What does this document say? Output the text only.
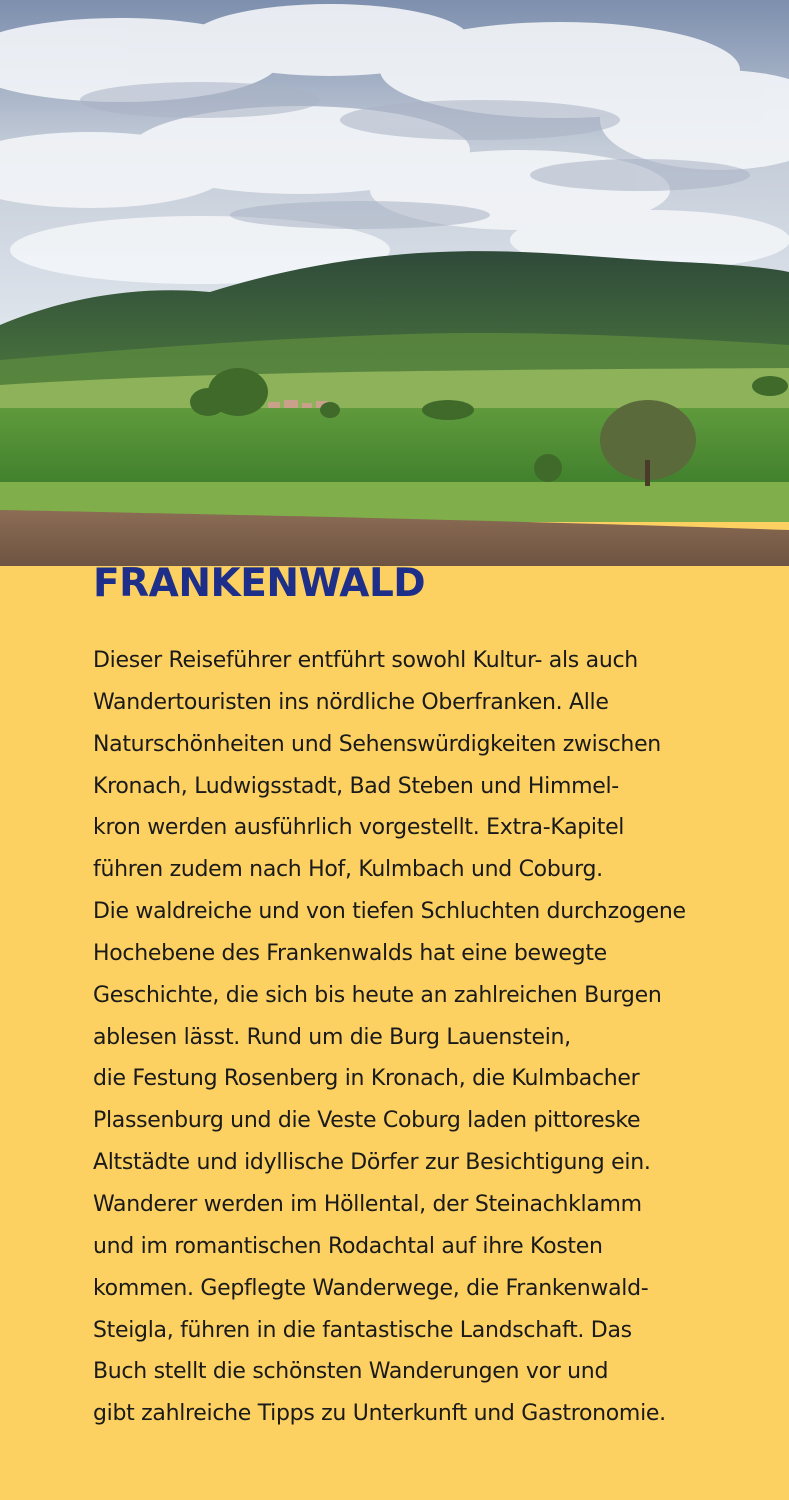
FRANKENWALD

Dieser Reiseführer entführt sowohl Kultur- als auch
Wandertouristen ins nördliche Oberfranken. Alle
Naturschönheiten und Sehenswürdigkeiten zwischen
Kronach, Ludwigsstadt, Bad Steben und Himmel-
kron werden ausführlich vorgestellt. Extra-Kapitel
führen zudem nach Hof, Kulmbach und Coburg.
Die waldreiche und von tiefen Schluchten durchzogene
Hochebene des Frankenwalds hat eine bewegte
Geschichte, die sich bis heute an zahlreichen Burgen
ablesen lässt. Rund um die Burg Lauenstein,
die Festung Rosenberg in Kronach, die Kulmbacher
Plassenburg und die Veste Coburg laden pittoreske
Altstädte und idyllische Dörfer zur Besichtigung ein.
Wanderer werden im Höllental, der Steinachklamm
und im romantischen Rodachtal auf ihre Kosten
kommen. Gepflegte Wanderwege, die Frankenwald-
Steigla, führen in die fantastische Landschaft. Das
Buch stellt die schönsten Wanderungen vor und
gibt zahlreiche Tipps zu Unterkunft und Gastronomie.
